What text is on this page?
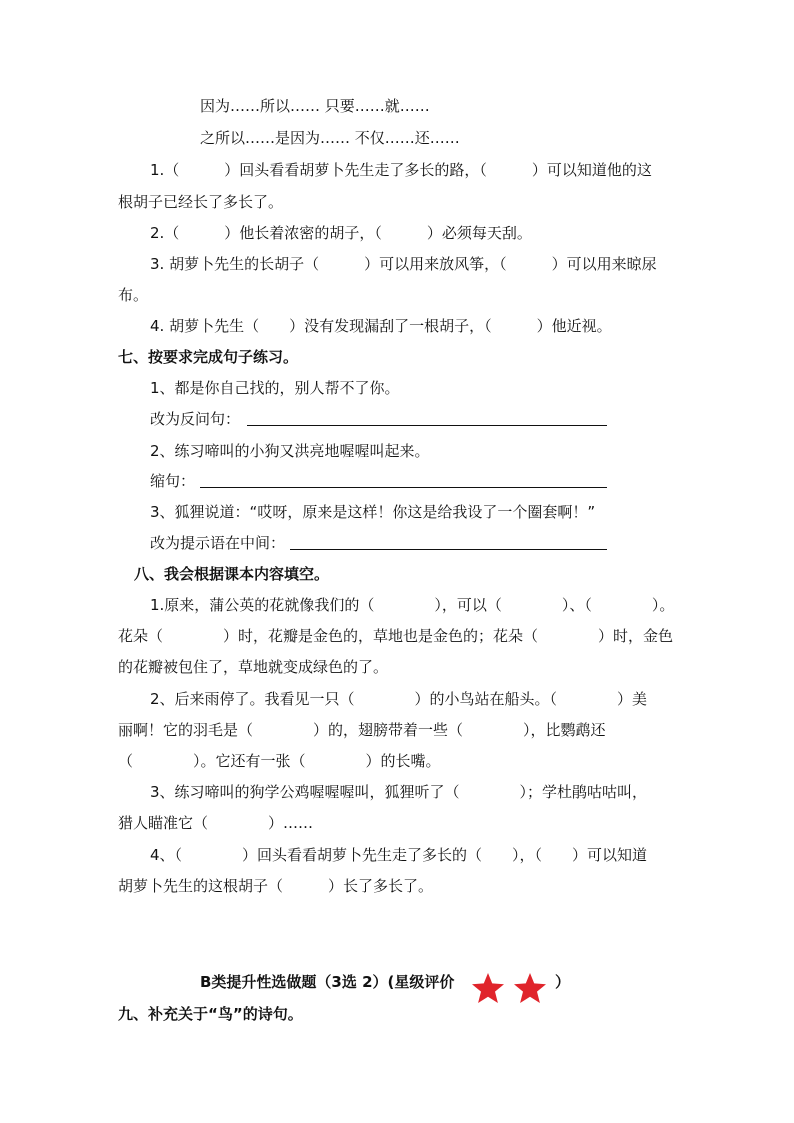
因为……所以…… 只要……就……
之所以……是因为…… 不仅……还……
1.（　　　）回头看看胡萝卜先生走了多长的路，（　　　）可以知道他的这
根胡子已经长了多长了。
2.（　　　）他长着浓密的胡子，（　　　）必须每天刮。
3. 胡萝卜先生的长胡子（　　　）可以用来放风筝，（　　　）可以用来晾尿
布。
4. 胡萝卜先生（　　）没有发现漏刮了一根胡子，（　　　）他近视。
七、按要求完成句子练习。
1、都是你自己找的，别人帮不了你。
改为反问句：
2、练习啼叫的小狗又洪亮地喔喔叫起来。
缩句：
3、狐狸说道：“哎呀，原来是这样！你这是给我设了一个圈套啊！”
改为提示语在中间：
八、我会根据课本内容填空。
1.原来，蒲公英的花就像我们的（　　　　），可以（　　　　）、（　　　　）。
花朵（　　　　）时，花瓣是金色的，草地也是金色的；花朵（　　　　）时，金色
的花瓣被包住了，草地就变成绿色的了。
2、后来雨停了。我看见一只（　　　　）的小鸟站在船头。（　　　　）美
丽啊！它的羽毛是（　　　　）的，翅膀带着一些（　　　　），比鹦鹉还
（　　　　）。它还有一张（　　　　）的长嘴。
3、练习啼叫的狗学公鸡喔喔喔叫，狐狸听了（　　　　）；学杜鹃咕咕叫，
猎人瞄准它（　　　　）……
4、（　　　　）回头看看胡萝卜先生走了多长的（　　），（　　）可以知道
胡萝卜先生的这根胡子（　　　）长了多长了。
B类提升性选做题（3选 2）(星级评价	）
九、补充关于“鸟”的诗句。
